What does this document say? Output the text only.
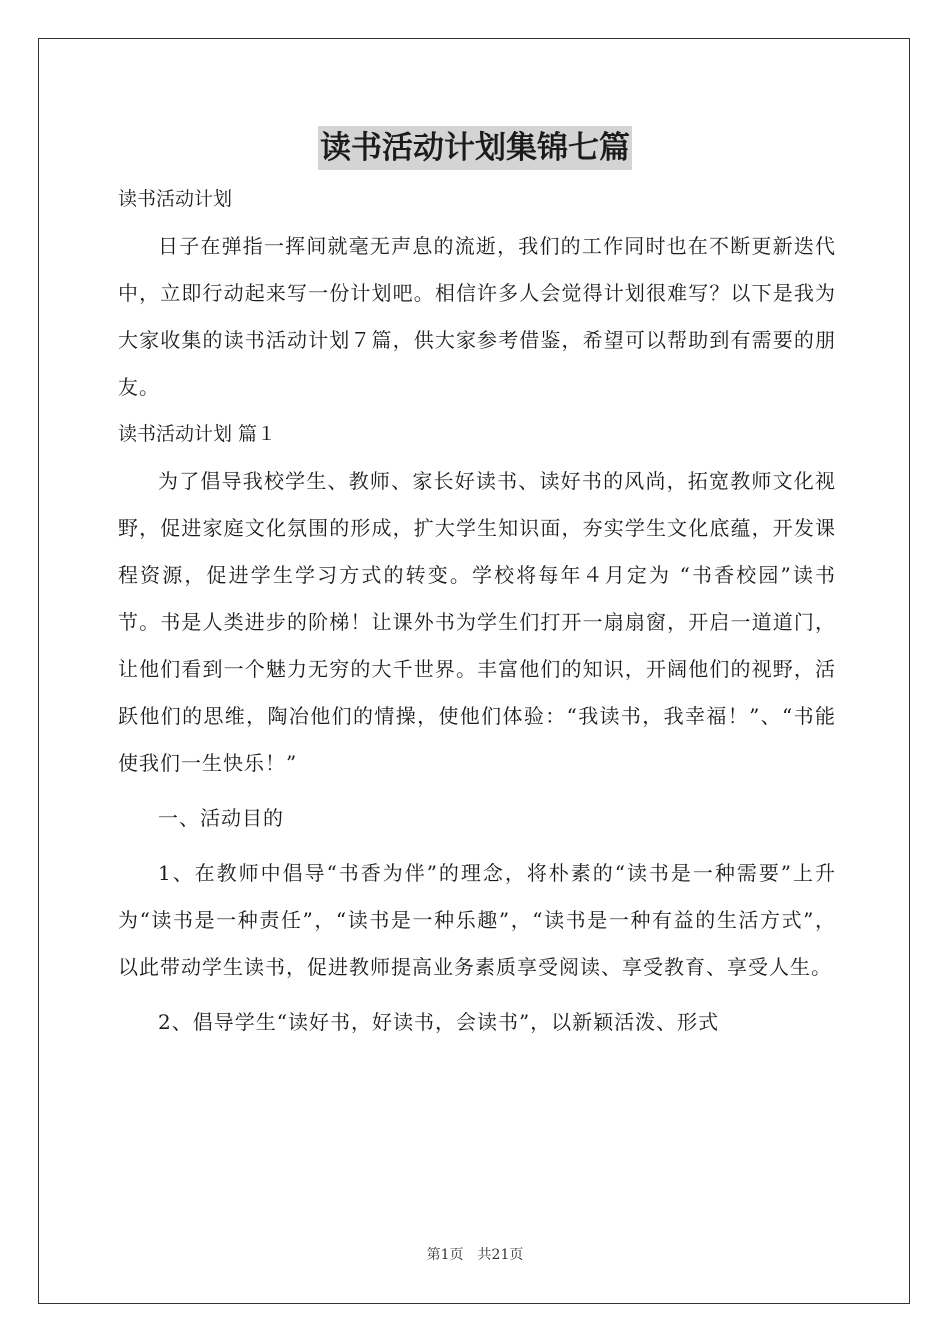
读书活动计划集锦七篇

读书活动计划

日子在弹指一挥间就毫无声息的流逝，我们的工作同时也在不断更新迭代中，立即行动起来写一份计划吧。相信许多人会觉得计划很难写？以下是我为大家收集的读书活动计划７篇，供大家参考借鉴，希望可以帮助到有需要的朋友。

读书活动计划 篇１

为了倡导我校学生、教师、家长好读书、读好书的风尚，拓宽教师文化视野，促进家庭文化氛围的形成，扩大学生知识面，夯实学生文化底蕴，开发课程资源，促进学生学习方式的转变。学校将每年４月定为 “书香校园”读书节。书是人类进步的阶梯！让课外书为学生们打开一扇扇窗，开启一道道门，让他们看到一个魅力无穷的大千世界。丰富他们的知识，开阔他们的视野，活跃他们的思维，陶冶他们的情操，使他们体验：“我读书，我幸福！”、“书能使我们一生快乐！”

一、活动目的

1、在教师中倡导“书香为伴”的理念，将朴素的“读书是一种需要”上升为“读书是一种责任”，“读书是一种乐趣”，“读书是一种有益的生活方式”，以此带动学生读书，促进教师提高业务素质享受阅读、享受教育、享受人生。

2、倡导学生“读好书，好读书，会读书”，以新颖活泼、形式

第1页 共21页
